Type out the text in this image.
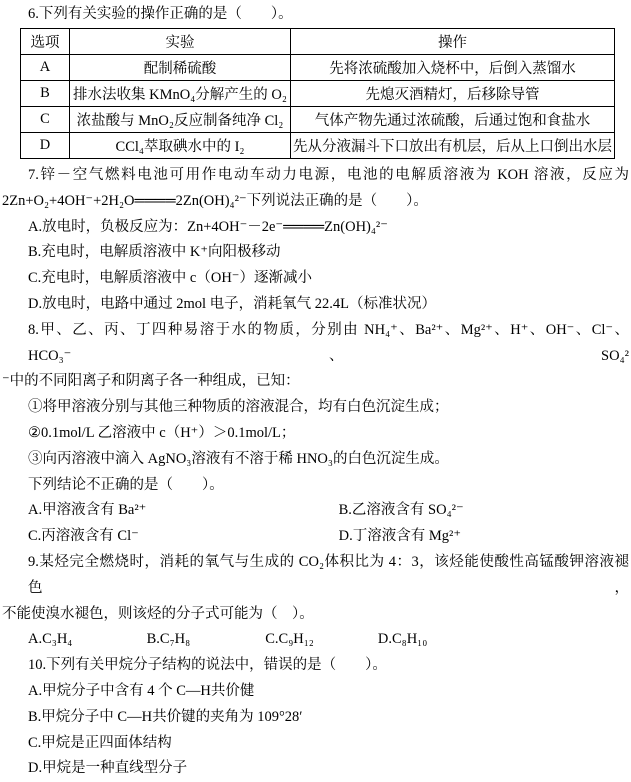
6.下列有关实验的操作正确的是（　　）。
选项	实验	操作
A	配制稀硫酸	先将浓硫酸加入烧杯中，后倒入蒸馏水
B	排水法收集 KMnO₄分解产生的 O₂	先熄灭酒精灯，后移除导管
C	浓盐酸与 MnO₂反应制备纯净 Cl₂	气体产物先通过浓硫酸，后通过饱和食盐水
D	CCl₄萃取碘水中的 I₂	先从分液漏斗下口放出有机层，后从上口倒出水层
7.锌－空气燃料电池可用作电动车动力电源，电池的电解质溶液为 KOH 溶液，反应为
2Zn+O₂+4OH⁻+2H₂O════2Zn(OH)₄²⁻下列说法正确的是（　　）。
A.放电时，负极反应为：Zn+4OH⁻－2e⁻════Zn(OH)₄²⁻
B.充电时，电解质溶液中 K⁺向阳极移动
C.充电时，电解质溶液中 c（OH⁻）逐渐减小
D.放电时，电路中通过 2mol 电子，消耗氧气 22.4L（标准状况）
8.甲、乙、丙、丁四种易溶于水的物质，分别由 NH₄⁺、Ba²⁺、Mg²⁺、H⁺、OH⁻、Cl⁻、HCO₃⁻、SO₄²
⁻中的不同阳离子和阴离子各一种组成，已知：
①将甲溶液分别与其他三种物质的溶液混合，均有白色沉淀生成；
②0.1mol/L 乙溶液中 c（H⁺）＞0.1mol/L；
③向丙溶液中滴入 AgNO₃溶液有不溶于稀 HNO₃的白色沉淀生成。
下列结论不正确的是（　　）。
A.甲溶液含有 Ba²⁺	B.乙溶液含有 SO₄²⁻
C.丙溶液含有 Cl⁻	D.丁溶液含有 Mg²⁺
9.某烃完全燃烧时，消耗的氧气与生成的 CO₂体积比为 4：3，该烃能使酸性高锰酸钾溶液褪色，
不能使溴水褪色，则该烃的分子式可能为（　）。
A.C₃H₄	B.C₇H₈	C.C₉H₁₂	D.C₈H₁₀
10.下列有关甲烷分子结构的说法中，错误的是（　　）。
A.甲烷分子中含有 4 个 C—H共价健
B.甲烷分子中 C—H共价键的夹角为 109°28′
C.甲烷是正四面体结构
D.甲烷是一种直线型分子
